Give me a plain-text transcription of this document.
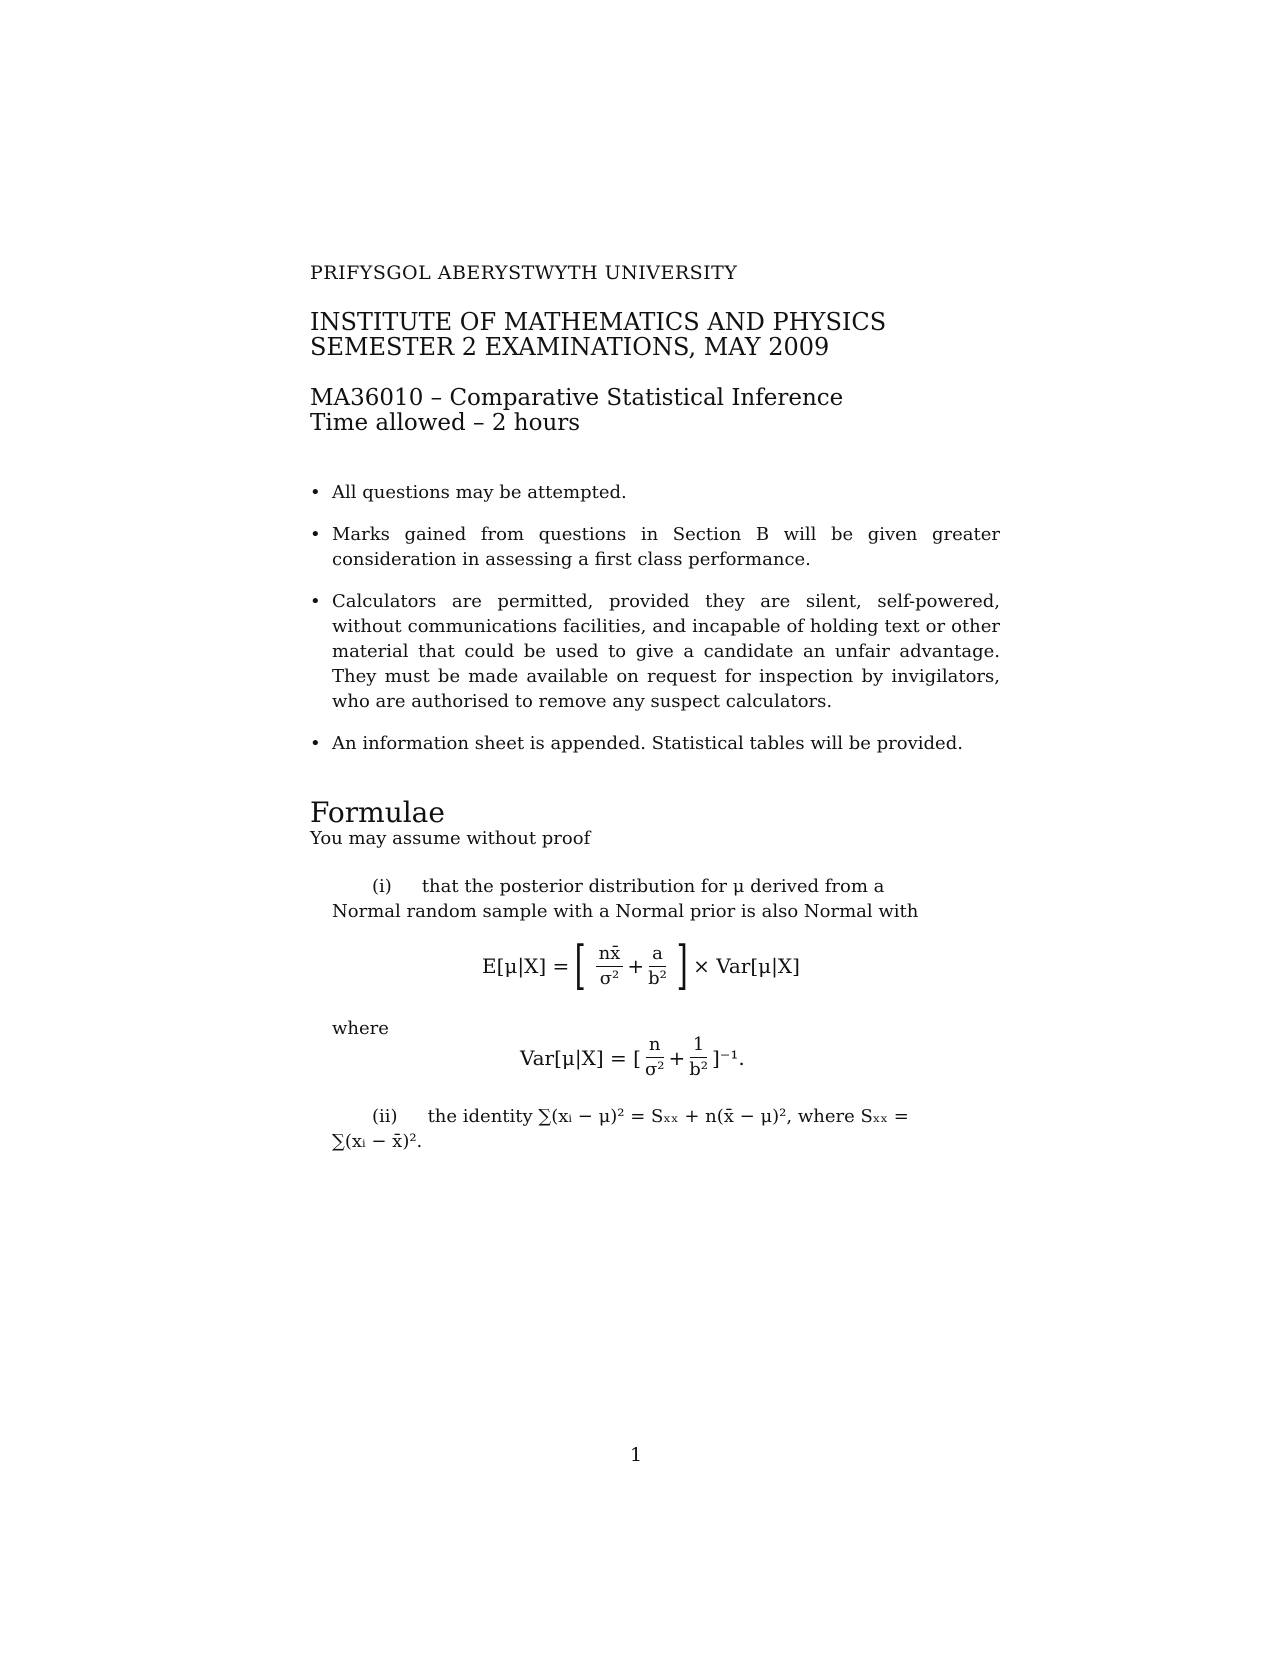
PRIFYSGOL ABERYSTWYTH UNIVERSITY
INSTITUTE OF MATHEMATICS AND PHYSICS
SEMESTER 2 EXAMINATIONS, MAY 2009
MA36010 – Comparative Statistical Inference
Time allowed – 2 hours
• All questions may be attempted.
• Marks gained from questions in Section B will be given greater consideration in assessing a first class performance.
• Calculators are permitted, provided they are silent, self-powered, without communications facilities, and incapable of holding text or other material that could be used to give a candidate an unfair advantage. They must be made available on request for inspection by invigilators, who are authorised to remove any suspect calculators.
• An information sheet is appended. Statistical tables will be provided.
Formulae
You may assume without proof
(i) that the posterior distribution for μ derived from a Normal random sample with a Normal prior is also Normal with
E[μ|X] = [ $\frac{nx̄}{\text{σ²}} + \frac{a}{\text{b²}}$ ] × Var[μ|X]
where
Var[μ|X] = [ $\frac{n}{\text{σ²}} + \frac{1}{\text{b²}} ]^{-1}$.
(ii) the identity ∑(xᵢ − μ)² = Sₓₓ + n(x̄ − μ)², where Sₓₓ = ∑(xᵢ − x̄)².
1
